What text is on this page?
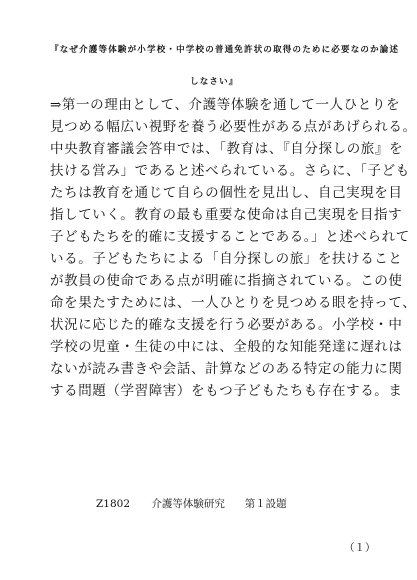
『なぜ介護等体験が小学校・中学校の普通免許状の取得のために必要なのか論述
しなさい』
⇒第一の理由として、介護等体験を通して一人ひとりを
見つめる幅広い視野を養う必要性がある点があげられる。
中央教育審議会答申では、「教育は、『自分探しの旅』を
扶ける営み」であると述べられている。さらに、「子ども
たちは教育を通じて自らの個性を見出し、自己実現を目
指していく。教育の最も重要な使命は自己実現を目指す
子どもたちを的確に支援することである。」と述べられて
いる。子どもたちによる「自分探しの旅」を扶けること
が教員の使命である点が明確に指摘されている。この使
命を果たすためには、一人ひとりを見つめる眼を持って、
状況に応じた的確な支援を行う必要がある。小学校・中
学校の児童・生徒の中には、全般的な知能発達に遅れは
ないが読み書きや会話、計算などのある特定の能力に関
する問題（学習障害）をもつ子どもたちも存在する。ま
Z1802 介護等体験研究 第１設題
（１）
